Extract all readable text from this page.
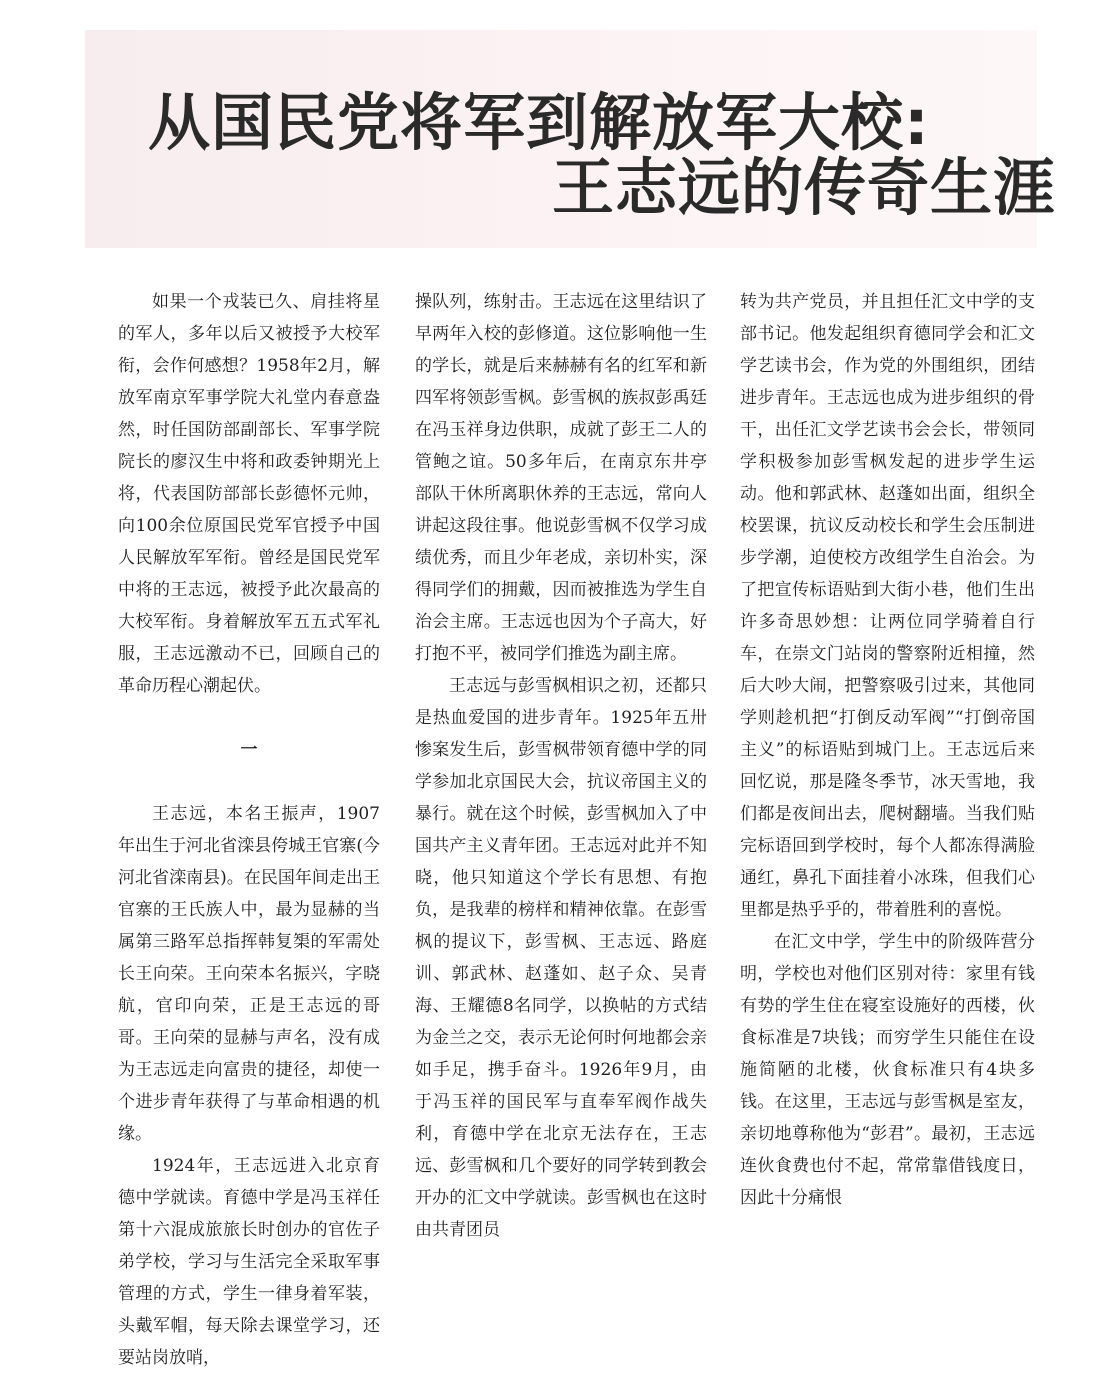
从国民党将军到解放军大校:
王志远的传奇生涯

如果一个戎装已久、肩挂将星的军人，多年以后又被授予大校军衔，会作何感想？1958年2月，解放军南京军事学院大礼堂内春意盎然，时任国防部副部长、军事学院院长的廖汉生中将和政委钟期光上将，代表国防部部长彭德怀元帅，向100余位原国民党军官授予中国人民解放军军衔。曾经是国民党军中将的王志远，被授予此次最高的大校军衔。身着解放军五五式军礼服，王志远激动不已，回顾自己的革命历程心潮起伏。

一

王志远，本名王振声，1907年出生于河北省滦县侉城王官寨(今河北省滦南县)。在民国年间走出王官寨的王氏族人中，最为显赫的当属第三路军总指挥韩复榘的军需处长王向荣。王向荣本名振兴，字晓航，官印向荣，正是王志远的哥哥。王向荣的显赫与声名，没有成为王志远走向富贵的捷径，却使一个进步青年获得了与革命相遇的机缘。

1924年，王志远进入北京育德中学就读。育德中学是冯玉祥任第十六混成旅旅长时创办的官佐子弟学校，学习与生活完全采取军事管理的方式，学生一律身着军装，头戴军帽，每天除去课堂学习，还要站岗放哨，

操队列，练射击。王志远在这里结识了早两年入校的彭修道。这位影响他一生的学长，就是后来赫赫有名的红军和新四军将领彭雪枫。彭雪枫的族叔彭禹廷在冯玉祥身边供职，成就了彭王二人的管鲍之谊。50多年后，在南京东井亭部队干休所离职休养的王志远，常向人讲起这段往事。他说彭雪枫不仅学习成绩优秀，而且少年老成，亲切朴实，深得同学们的拥戴，因而被推选为学生自治会主席。王志远也因为个子高大，好打抱不平，被同学们推选为副主席。

王志远与彭雪枫相识之初，还都只是热血爱国的进步青年。1925年五卅惨案发生后，彭雪枫带领育德中学的同学参加北京国民大会，抗议帝国主义的暴行。就在这个时候，彭雪枫加入了中国共产主义青年团。王志远对此并不知晓，他只知道这个学长有思想、有抱负，是我辈的榜样和精神依靠。在彭雪枫的提议下，彭雪枫、王志远、路庭训、郭武林、赵蓬如、赵子众、吴青海、王耀德8名同学，以换帖的方式结为金兰之交，表示无论何时何地都会亲如手足，携手奋斗。1926年9月，由于冯玉祥的国民军与直奉军阀作战失利，育德中学在北京无法存在，王志远、彭雪枫和几个要好的同学转到教会开办的汇文中学就读。彭雪枫也在这时由共青团员

转为共产党员，并且担任汇文中学的支部书记。他发起组织育德同学会和汇文学艺读书会，作为党的外围组织，团结进步青年。王志远也成为进步组织的骨干，出任汇文学艺读书会会长，带领同学积极参加彭雪枫发起的进步学生运动。他和郭武林、赵蓬如出面，组织全校罢课，抗议反动校长和学生会压制进步学潮，迫使校方改组学生自治会。为了把宣传标语贴到大街小巷，他们生出许多奇思妙想：让两位同学骑着自行车，在崇文门站岗的警察附近相撞，然后大吵大闹，把警察吸引过来，其他同学则趁机把“打倒反动军阀”“打倒帝国主义”的标语贴到城门上。王志远后来回忆说，那是隆冬季节，冰天雪地，我们都是夜间出去，爬树翻墙。当我们贴完标语回到学校时，每个人都冻得满脸通红，鼻孔下面挂着小冰珠，但我们心里都是热乎乎的，带着胜利的喜悦。

在汇文中学，学生中的阶级阵营分明，学校也对他们区别对待：家里有钱有势的学生住在寝室设施好的西楼，伙食标准是7块钱；而穷学生只能住在设施简陋的北楼，伙食标准只有4块多钱。在这里，王志远与彭雪枫是室友，亲切地尊称他为“彭君”。最初，王志远连伙食费也付不起，常常靠借钱度日，因此十分痛恨
